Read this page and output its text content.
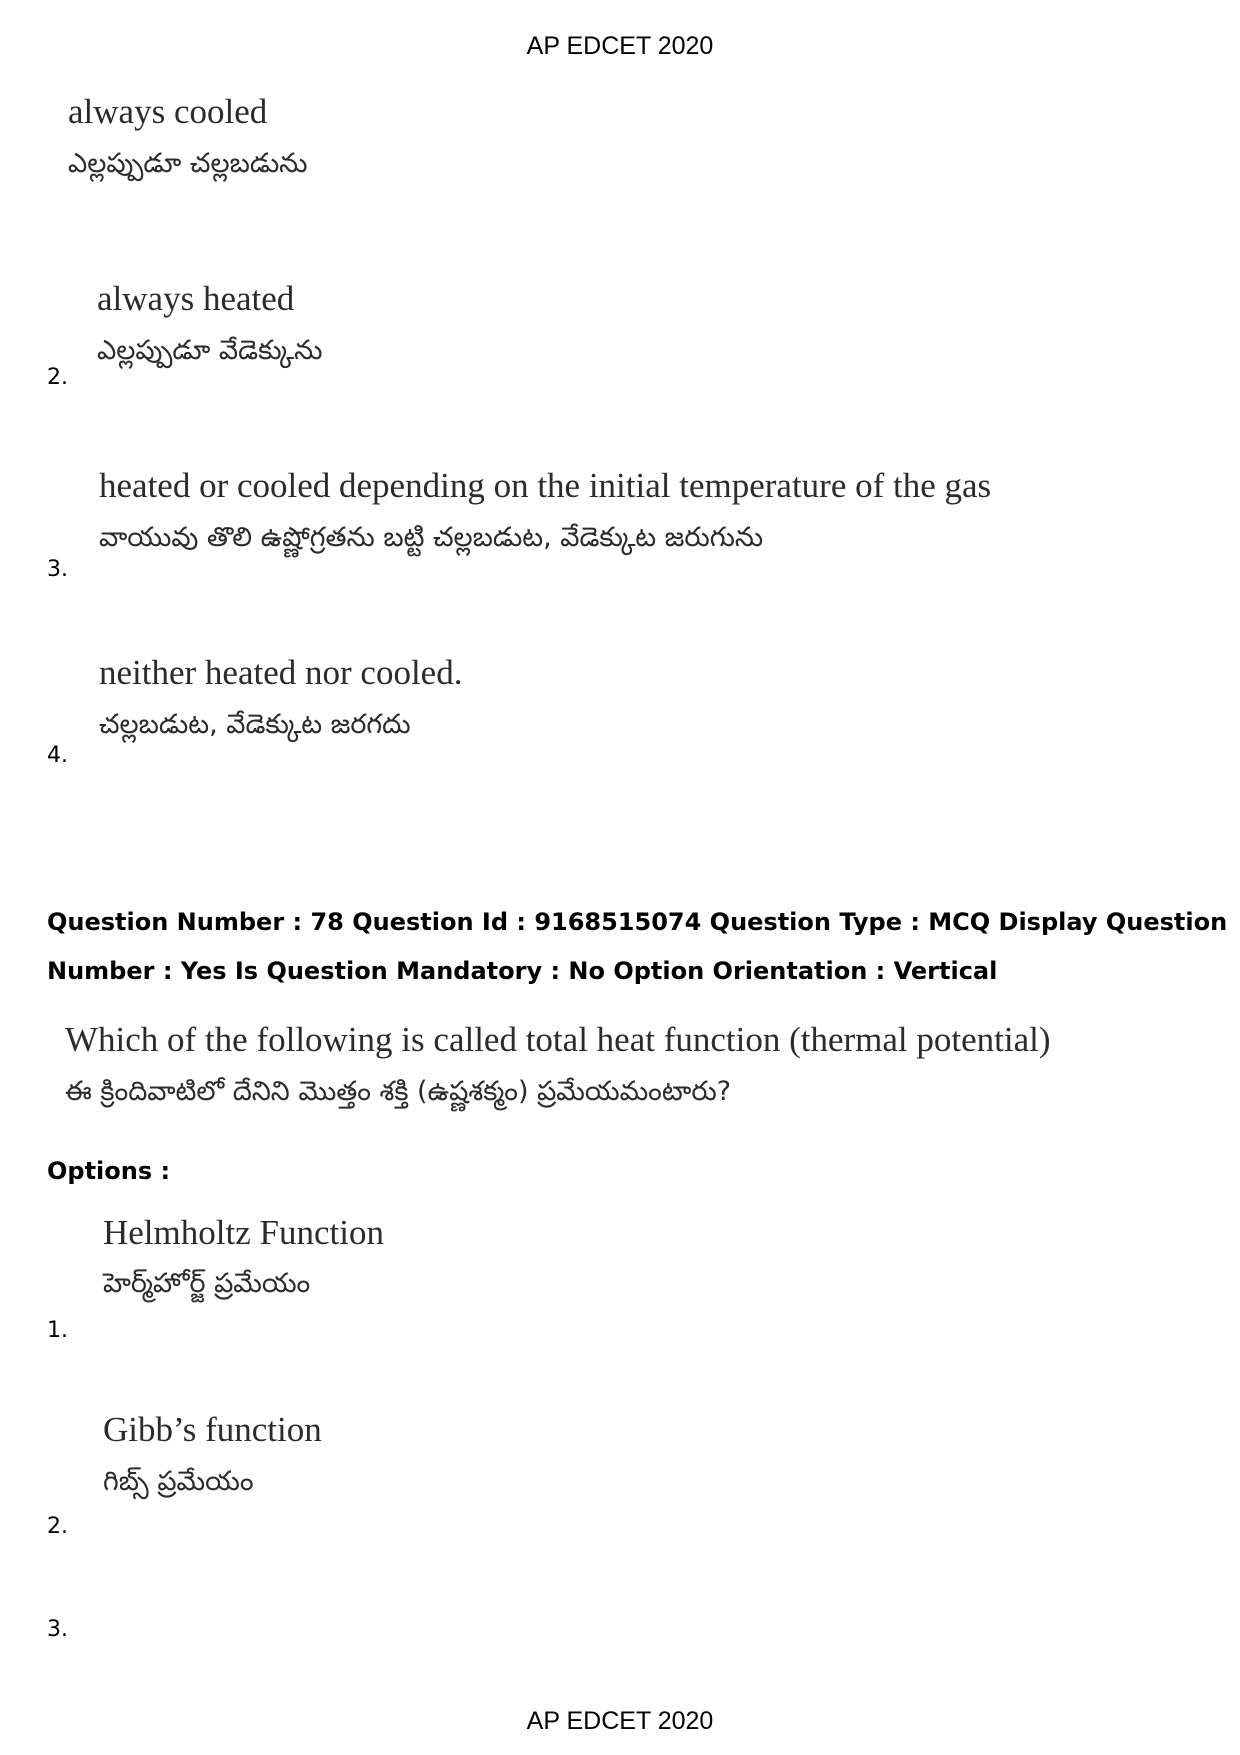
AP EDCET 2020
always cooled
ఎల్లప్పుడూ చల్లబడును
always heated
ఎల్లప్పుడూ వేడెక్కును
2.
heated or cooled depending on the initial temperature of the gas
వాయువు తొలి ఉష్ణోగ్రతను బట్టి చల్లబడుట, వేడెక్కుట జరుగును
3.
neither heated nor cooled.
చల్లబడుట, వేడెక్కుట జరగదు
4.
Question Number : 78 Question Id : 9168515074 Question Type : MCQ Display Question
Number : Yes Is Question Mandatory : No Option Orientation : Vertical
Which of the following is called total heat function (thermal potential)
ఈ క్రిందివాటిలో దేనిని మొత్తం శక్తి (ఉష్ణశక్మం) ప్రమేయమంటారు?
Options :
Helmholtz Function
హెర్మ్‌హోర్జ్ ప్రమేయం
1.
Gibb’s function
గిబ్స్ ప్రమేయం
2.
3.
AP EDCET 2020
